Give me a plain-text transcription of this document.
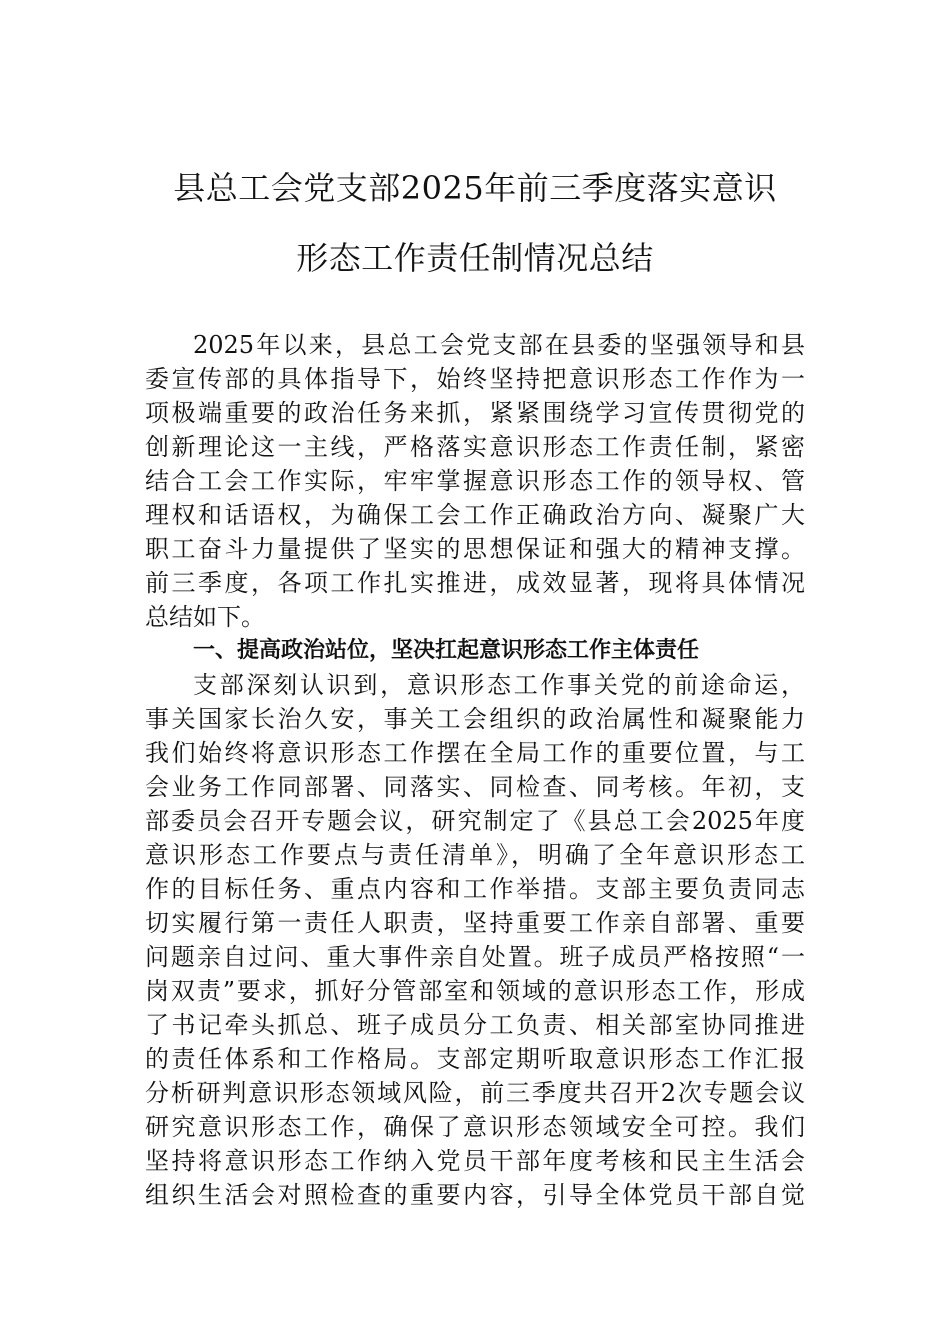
县总工会党支部2025年前三季度落实意识
形态工作责任制情况总结
2025年以来，县总工会党支部在县委的坚强领导和县
委宣传部的具体指导下，始终坚持把意识形态工作作为一
项极端重要的政治任务来抓，紧紧围绕学习宣传贯彻党的
创新理论这一主线，严格落实意识形态工作责任制，紧密
结合工会工作实际，牢牢掌握意识形态工作的领导权、管
理权和话语权，为确保工会工作正确政治方向、凝聚广大
职工奋斗力量提供了坚实的思想保证和强大的精神支撑。
前三季度，各项工作扎实推进，成效显著，现将具体情况
总结如下。
一、提高政治站位，坚决扛起意识形态工作主体责任
支部深刻认识到，意识形态工作事关党的前途命运，
事关国家长治久安，事关工会组织的政治属性和凝聚能力
我们始终将意识形态工作摆在全局工作的重要位置，与工
会业务工作同部署、同落实、同检查、同考核。年初，支
部委员会召开专题会议，研究制定了《县总工会2025年度
意识形态工作要点与责任清单》，明确了全年意识形态工
作的目标任务、重点内容和工作举措。支部主要负责同志
切实履行第一责任人职责，坚持重要工作亲自部署、重要
问题亲自过问、重大事件亲自处置。班子成员严格按照“一
岗双责”要求，抓好分管部室和领域的意识形态工作，形成
了书记牵头抓总、班子成员分工负责、相关部室协同推进
的责任体系和工作格局。支部定期听取意识形态工作汇报
分析研判意识形态领域风险，前三季度共召开2次专题会议
研究意识形态工作，确保了意识形态领域安全可控。我们
坚持将意识形态工作纳入党员干部年度考核和民主生活会
组织生活会对照检查的重要内容，引导全体党员干部自觉
